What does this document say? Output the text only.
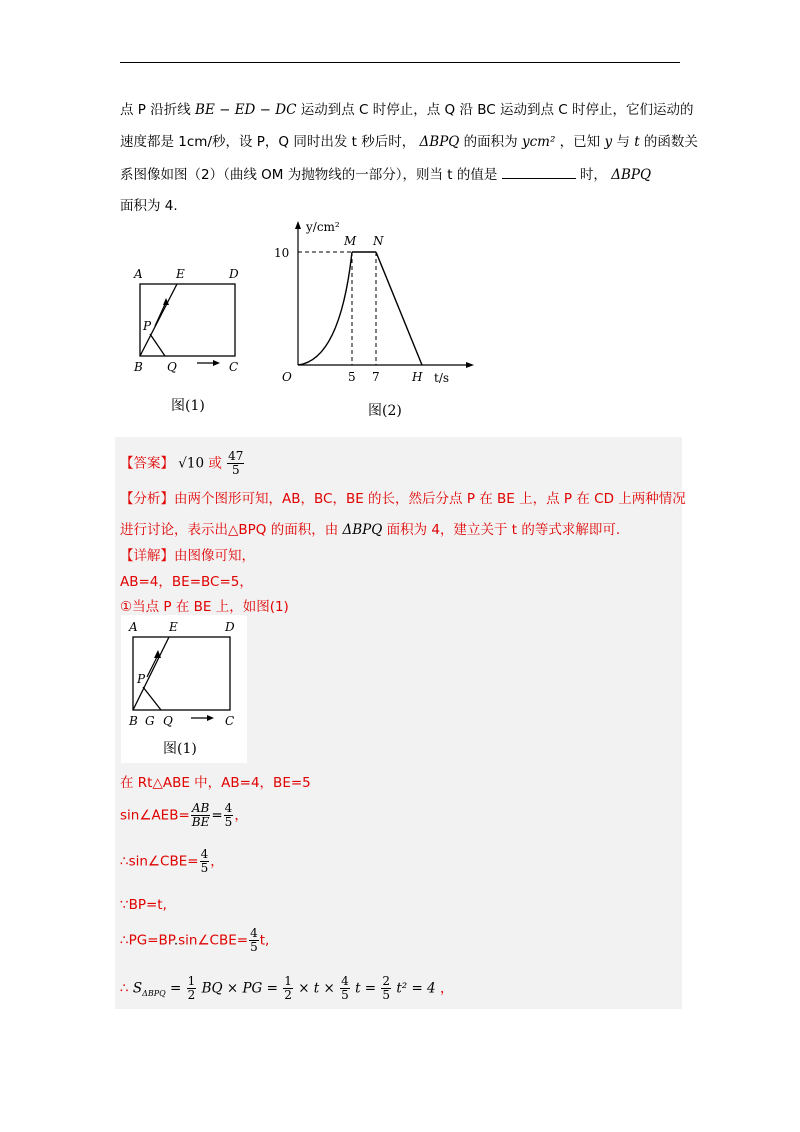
点 P 沿折线 BE − ED − DC 运动到点 C 时停止，点 Q 沿 BC 运动到点 C 时停止，它们运动的
速度都是 1cm/秒，设 P，Q 同时出发 t 秒后时， ΔBPQ 的面积为 ycm² ，已知 y 与 t 的函数关
系图像如图（2）（曲线 OM 为抛物线的一部分），则当 t 的值是	时， ΔBPQ
面积为 4.
A	E	D
P
B Q	C
图(1)
y/cm²
10
M N
O	5 7	H t/s
图(2)
【答案】 √10 或 $\frac{47}{5}$
【分析】由两个图形可知，AB，BC，BE 的长，然后分点 P 在 BE 上，点 P 在 CD 上两种情况
进行讨论，表示出△BPQ 的面积，由 ΔBPQ 面积为 4，建立关于 t 的等式求解即可.
【详解】由图像可知，
AB=4，BE=BC=5，
①当点 P 在 BE 上，如图(1)
A	E	D
P
B G Q	C
图(1)
在 Rt△ABE 中，AB=4，BE=5
sin∠AEB= $\frac{AB}{BE} = \frac{4}{5}$ ，
∴sin∠CBE= $\frac{4}{5}$ ，
∵BP=t,
∴PG=BP.sin∠CBE= $\frac{4}{5} t$,
∴ $S_{\Delta BPQ} = \frac{1}{2}$ BQ × PG = $\frac{1}{2} \times t \times \frac{4}{5}$ $t = \frac{2}{5} t^2 = 4$ ，
